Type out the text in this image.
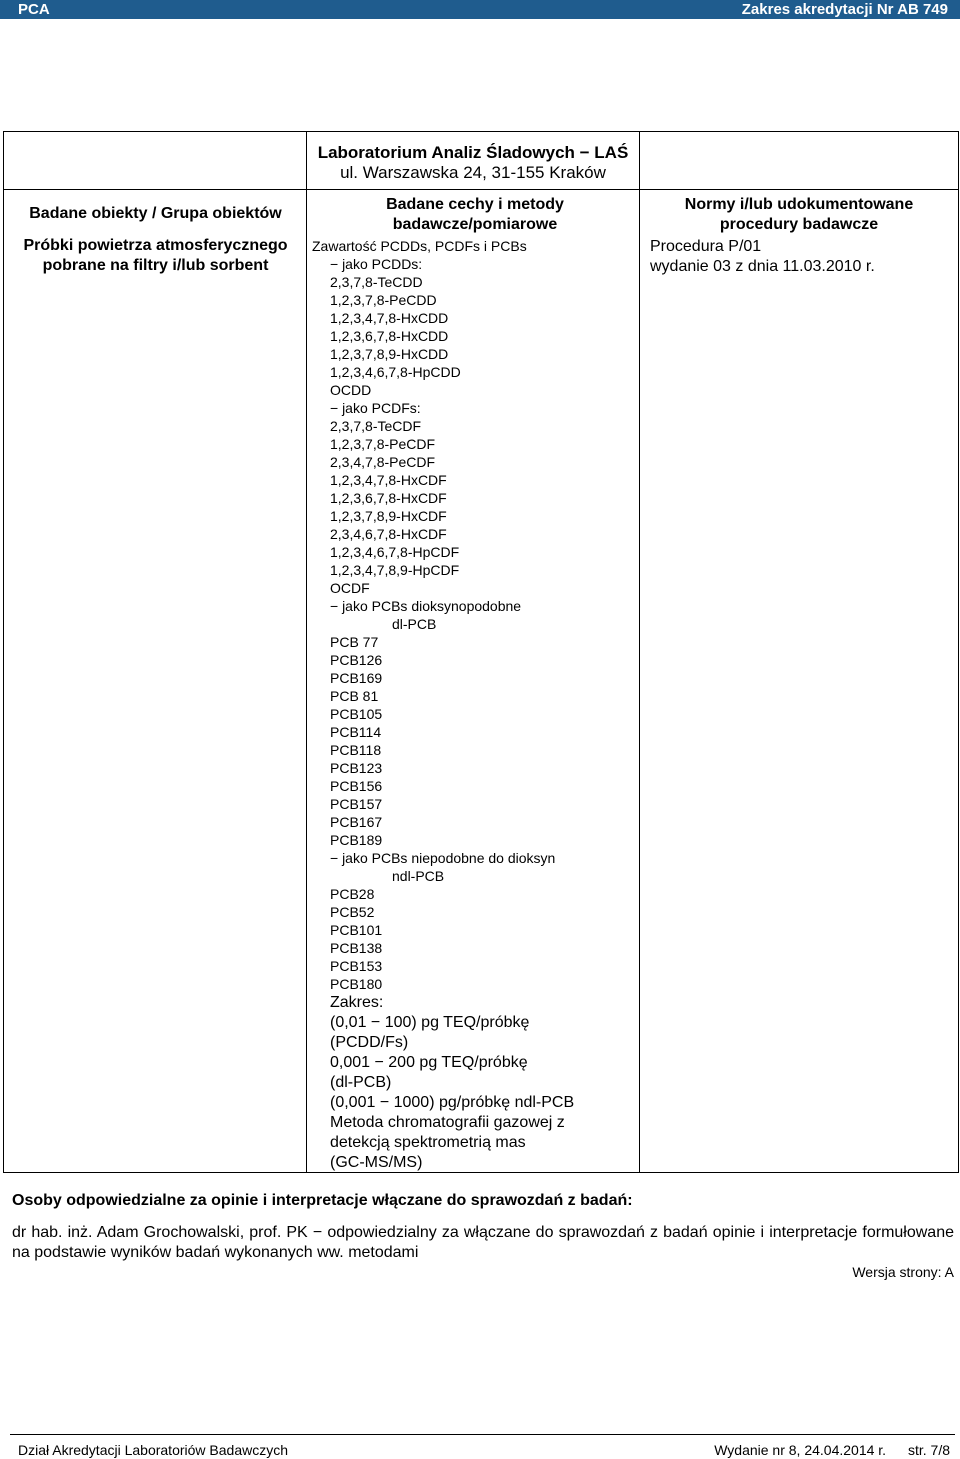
PCA	Zakres akredytacji Nr AB 749
Laboratorium Analiz Śladowych − LAŚ
ul. Warszawska 24, 31-155 Kraków
Badane obiekty / Grupa obiektów
Próbki powietrza atmosferycznego pobrane na filtry i/lub sorbent
Badane cechy i metody
badawcze/pomiarowe
Zawartość PCDDs, PCDFs i PCBs
− jako PCDDs:
2,3,7,8-TeCDD
1,2,3,7,8-PeCDD
1,2,3,4,7,8-HxCDD
1,2,3,6,7,8-HxCDD
1,2,3,7,8,9-HxCDD
1,2,3,4,6,7,8-HpCDD
OCDD
− jako PCDFs:
2,3,7,8-TeCDF
1,2,3,7,8-PeCDF
2,3,4,7,8-PeCDF
1,2,3,4,7,8-HxCDF
1,2,3,6,7,8-HxCDF
1,2,3,7,8,9-HxCDF
2,3,4,6,7,8-HxCDF
1,2,3,4,6,7,8-HpCDF
1,2,3,4,7,8,9-HpCDF
OCDF
− jako PCBs dioksynopodobne
dl-PCB
PCB 77
PCB126
PCB169
PCB 81
PCB105
PCB114
PCB118
PCB123
PCB156
PCB157
PCB167
PCB189
− jako PCBs niepodobne do dioksyn
ndl-PCB
PCB28
PCB52
PCB101
PCB138
PCB153
PCB180
Zakres:
(0,01 − 100) pg TEQ/próbkę
(PCDD/Fs)
0,001 − 200 pg TEQ/próbkę
(dl-PCB)
(0,001 − 1000) pg/próbkę ndl-PCB
Metoda chromatografii gazowej z
detekcją spektrometrią mas
(GC-MS/MS)
Normy i/lub udokumentowane
procedury badawcze
Procedura P/01
wydanie 03 z dnia 11.03.2010 r.
Osoby odpowiedzialne za opinie i interpretacje włączane do sprawozdań z badań:
dr hab. inż. Adam Grochowalski, prof. PK − odpowiedzialny za włączane do sprawozdań z badań opinie i interpretacje formułowane na podstawie wyników badań wykonanych ww. metodami
Wersja strony: A
Dział Akredytacji Laboratoriów Badawczych	Wydanie nr 8, 24.04.2014 r. str. 7/8
